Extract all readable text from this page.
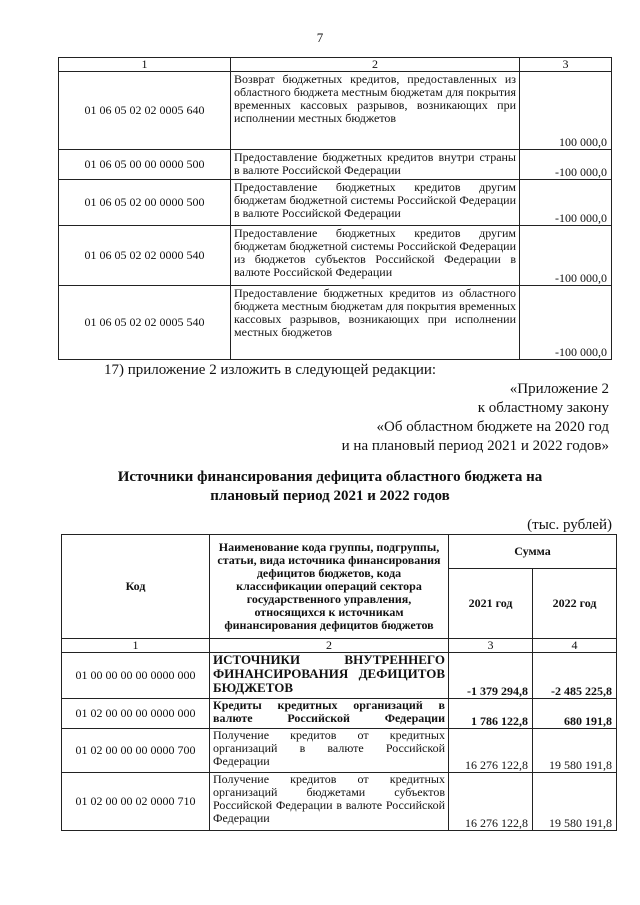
7
1	2	3
01 06 05 02 02 0005 640	Возврат бюджетных кредитов, предоставленных из областного бюджета местным бюджетам для покрытия временных кассовых разрывов, возникающих при исполнении местных бюджетов	100 000,0
01 06 05 00 00 0000 500	Предоставление бюджетных кредитов внутри страны в валюте Российской Федерации	-100 000,0
01 06 05 02 00 0000 500	Предоставление бюджетных кредитов другим бюджетам бюджетной системы Российской Федерации в валюте Российской Федерации	-100 000,0
01 06 05 02 02 0000 540	Предоставление бюджетных кредитов другим бюджетам бюджетной системы Российской Федерации из бюджетов субъектов Российской Федерации в валюте Российской Федерации	-100 000,0
01 06 05 02 02 0005 540	Предоставление бюджетных кредитов из областного бюджета местным бюджетам для покрытия временных кассовых разрывов, возникающих при исполнении местных бюджетов	-100 000,0
17) приложение 2 изложить в следующей редакции:
«Приложение 2
к областному закону
«Об областном бюджете на 2020 год
и на плановый период 2021 и 2022 годов»
Источники финансирования дефицита областного бюджета на
плановый период 2021 и 2022 годов
(тыс. рублей)
Код	Наименование кода группы, подгруппы, статьи, вида источника финансирования дефицитов бюджетов, кода классификации операций сектора государственного управления, относящихся к источникам финансирования дефицитов бюджетов	Сумма	
		2021 год	2022 год
1	2	3	4
01 00 00 00 00 0000 000	ИСТОЧНИКИ ВНУТРЕННЕГО ФИНАНСИРОВАНИЯ ДЕФИЦИТОВ БЮДЖЕТОВ	-1 379 294,8	-2 485 225,8
01 02 00 00 00 0000 000	Кредиты кредитных организаций в валюте Российской Федерации	1 786 122,8	680 191,8
01 02 00 00 00 0000 700	Получение кредитов от кредитных организаций в валюте Российской Федерации	16 276 122,8	19 580 191,8
01 02 00 00 02 0000 710	Получение кредитов от кредитных организаций бюджетами субъектов Российской Федерации в валюте Российской Федерации	16 276 122,8	19 580 191,8
